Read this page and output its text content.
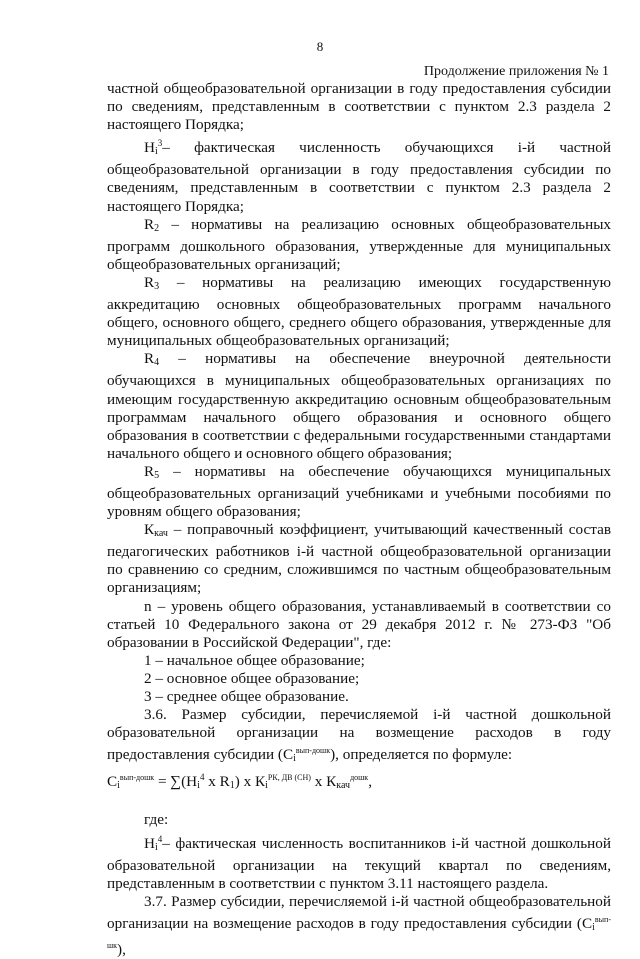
8
Продолжение приложения № 1

частной общеобразовательной организации в году предоставления субсидии по сведениям, представленным в соответствии с пунктом 2.3 раздела 2 настоящего Порядка;

$Н_i^3-$ фактическая численность обучающихся i-й частной общеобразовательной организации в году предоставления субсидии по сведениям, представленным в соответствии с пунктом 2.3 раздела 2 настоящего Порядка;

$R_2$ – нормативы на реализацию основных общеобразовательных программ дошкольного образования, утвержденные для муниципальных общеобразовательных организаций;

$R_3$ – нормативы на реализацию имеющих государственную аккредитацию основных общеобразовательных программ начального общего, основного общего, среднего общего образования, утвержденные для муниципальных общеобразовательных организаций;

$R_4$ – нормативы на обеспечение внеурочной деятельности обучающихся в муниципальных общеобразовательных организациях по имеющим государственную аккредитацию основным общеобразовательным программам начального общего образования и основного общего образования в соответствии с федеральными государственными стандартами начального общего и основного общего образования;

$R_5$ – нормативы на обеспечение обучающихся муниципальных общеобразовательных организаций учебниками и учебными пособиями по уровням общего образования;

$К_{кач}$ – поправочный коэффициент, учитывающий качественный состав педагогических работников i-й частной общеобразовательной организации по сравнению со средним, сложившимся по частным общеобразовательным организациям;

n – уровень общего образования, устанавливаемый в соответствии со статьей 10 Федерального закона от 29 декабря 2012 г. № 273-ФЗ "Об образовании в Российской Федерации", где:

1 – начальное общее образование;

2 – основное общее образование;

3 – среднее общее образование.

3.6. Размер субсидии, перечисляемой i-й частной дошкольной образовательной организации на возмещение расходов в году предоставления субсидии $(С_i^{вып-дошк})$, определяется по формуле:

$С_i^{вып-дошк} = \sum(Н_i^4$ x $R_1$) x $К_i^{РК, ДВ (СН)}$ x $К_{кач}^{дошк}$,

где:

$Н_i^4-$ фактическая численность воспитанников i-й частной дошкольной образовательной организации на текущий квартал по сведениям, представленным в соответствии с пунктом 3.11 настоящего раздела.

3.7. Размер субсидии, перечисляемой i-й частной общеобразовательной организации на возмещение расходов в году предоставления субсидии $(С_i^{вып-шк})$,
